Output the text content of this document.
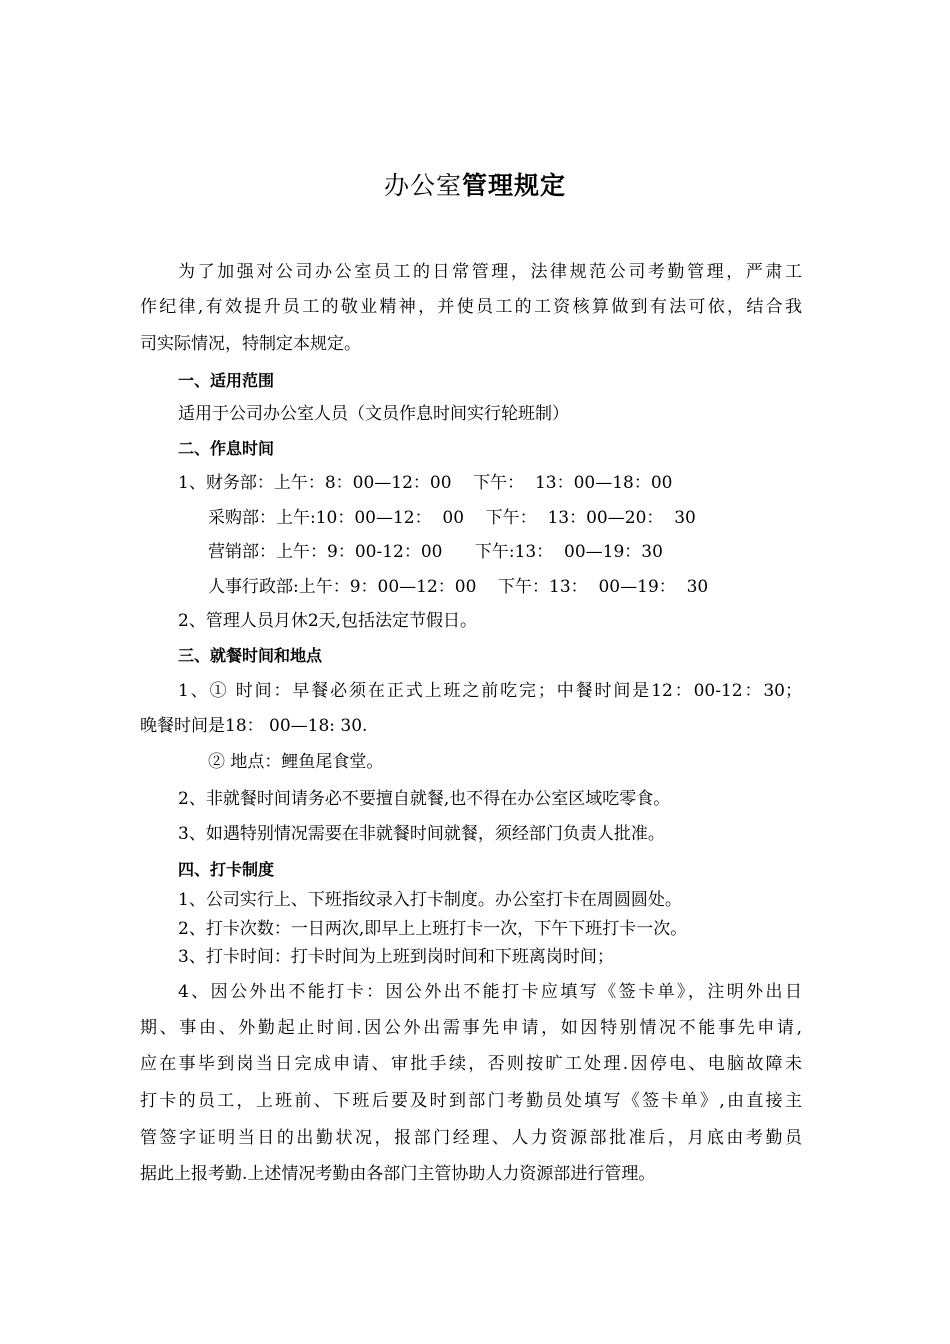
办公室管理规定
为了加强对公司办公室员工的日常管理，法律规范公司考勤管理，严肃工
作纪律,有效提升员工的敬业精神，并使员工的工资核算做到有法可依，结合我
司实际情况，特制定本规定。
一、适用范围
适用于公司办公室人员（文员作息时间实行轮班制）
二、作息时间
1、财务部：上午：8：00—12：00    下午：  13：00—18：00
采购部：上午:10：00—12：  00    下午：  13：00—20：  30
营销部：上午：9：00-12：00      下午:13：  00—19：30
人事行政部:上午：9：00—12：00    下午：13：  00—19：  30
2、管理人员月休2天,包括法定节假日。
三、就餐时间和地点
1、① 时间：早餐必须在正式上班之前吃完；中餐时间是12：00-12：30；
晚餐时间是18： 00—18: 30.
② 地点：鲤鱼尾食堂。
2、非就餐时间请务必不要擅自就餐,也不得在办公室区域吃零食。
3、如遇特别情况需要在非就餐时间就餐，须经部门负责人批准。
四、打卡制度
1、公司实行上、下班指纹录入打卡制度。办公室打卡在周圆圆处。
2、打卡次数：一日两次,即早上上班打卡一次，下午下班打卡一次。
3、打卡时间：打卡时间为上班到岗时间和下班离岗时间；
4、因公外出不能打卡：因公外出不能打卡应填写《签卡单》，注明外出日
期、事由、外勤起止时间.因公外出需事先申请，如因特别情况不能事先申请,
应在事毕到岗当日完成申请、审批手续，否则按旷工处理.因停电、电脑故障未
打卡的员工，上班前、下班后要及时到部门考勤员处填写《签卡单》,由直接主
管签字证明当日的出勤状况，报部门经理、人力资源部批准后，月底由考勤员
据此上报考勤.上述情况考勤由各部门主管协助人力资源部进行管理。
